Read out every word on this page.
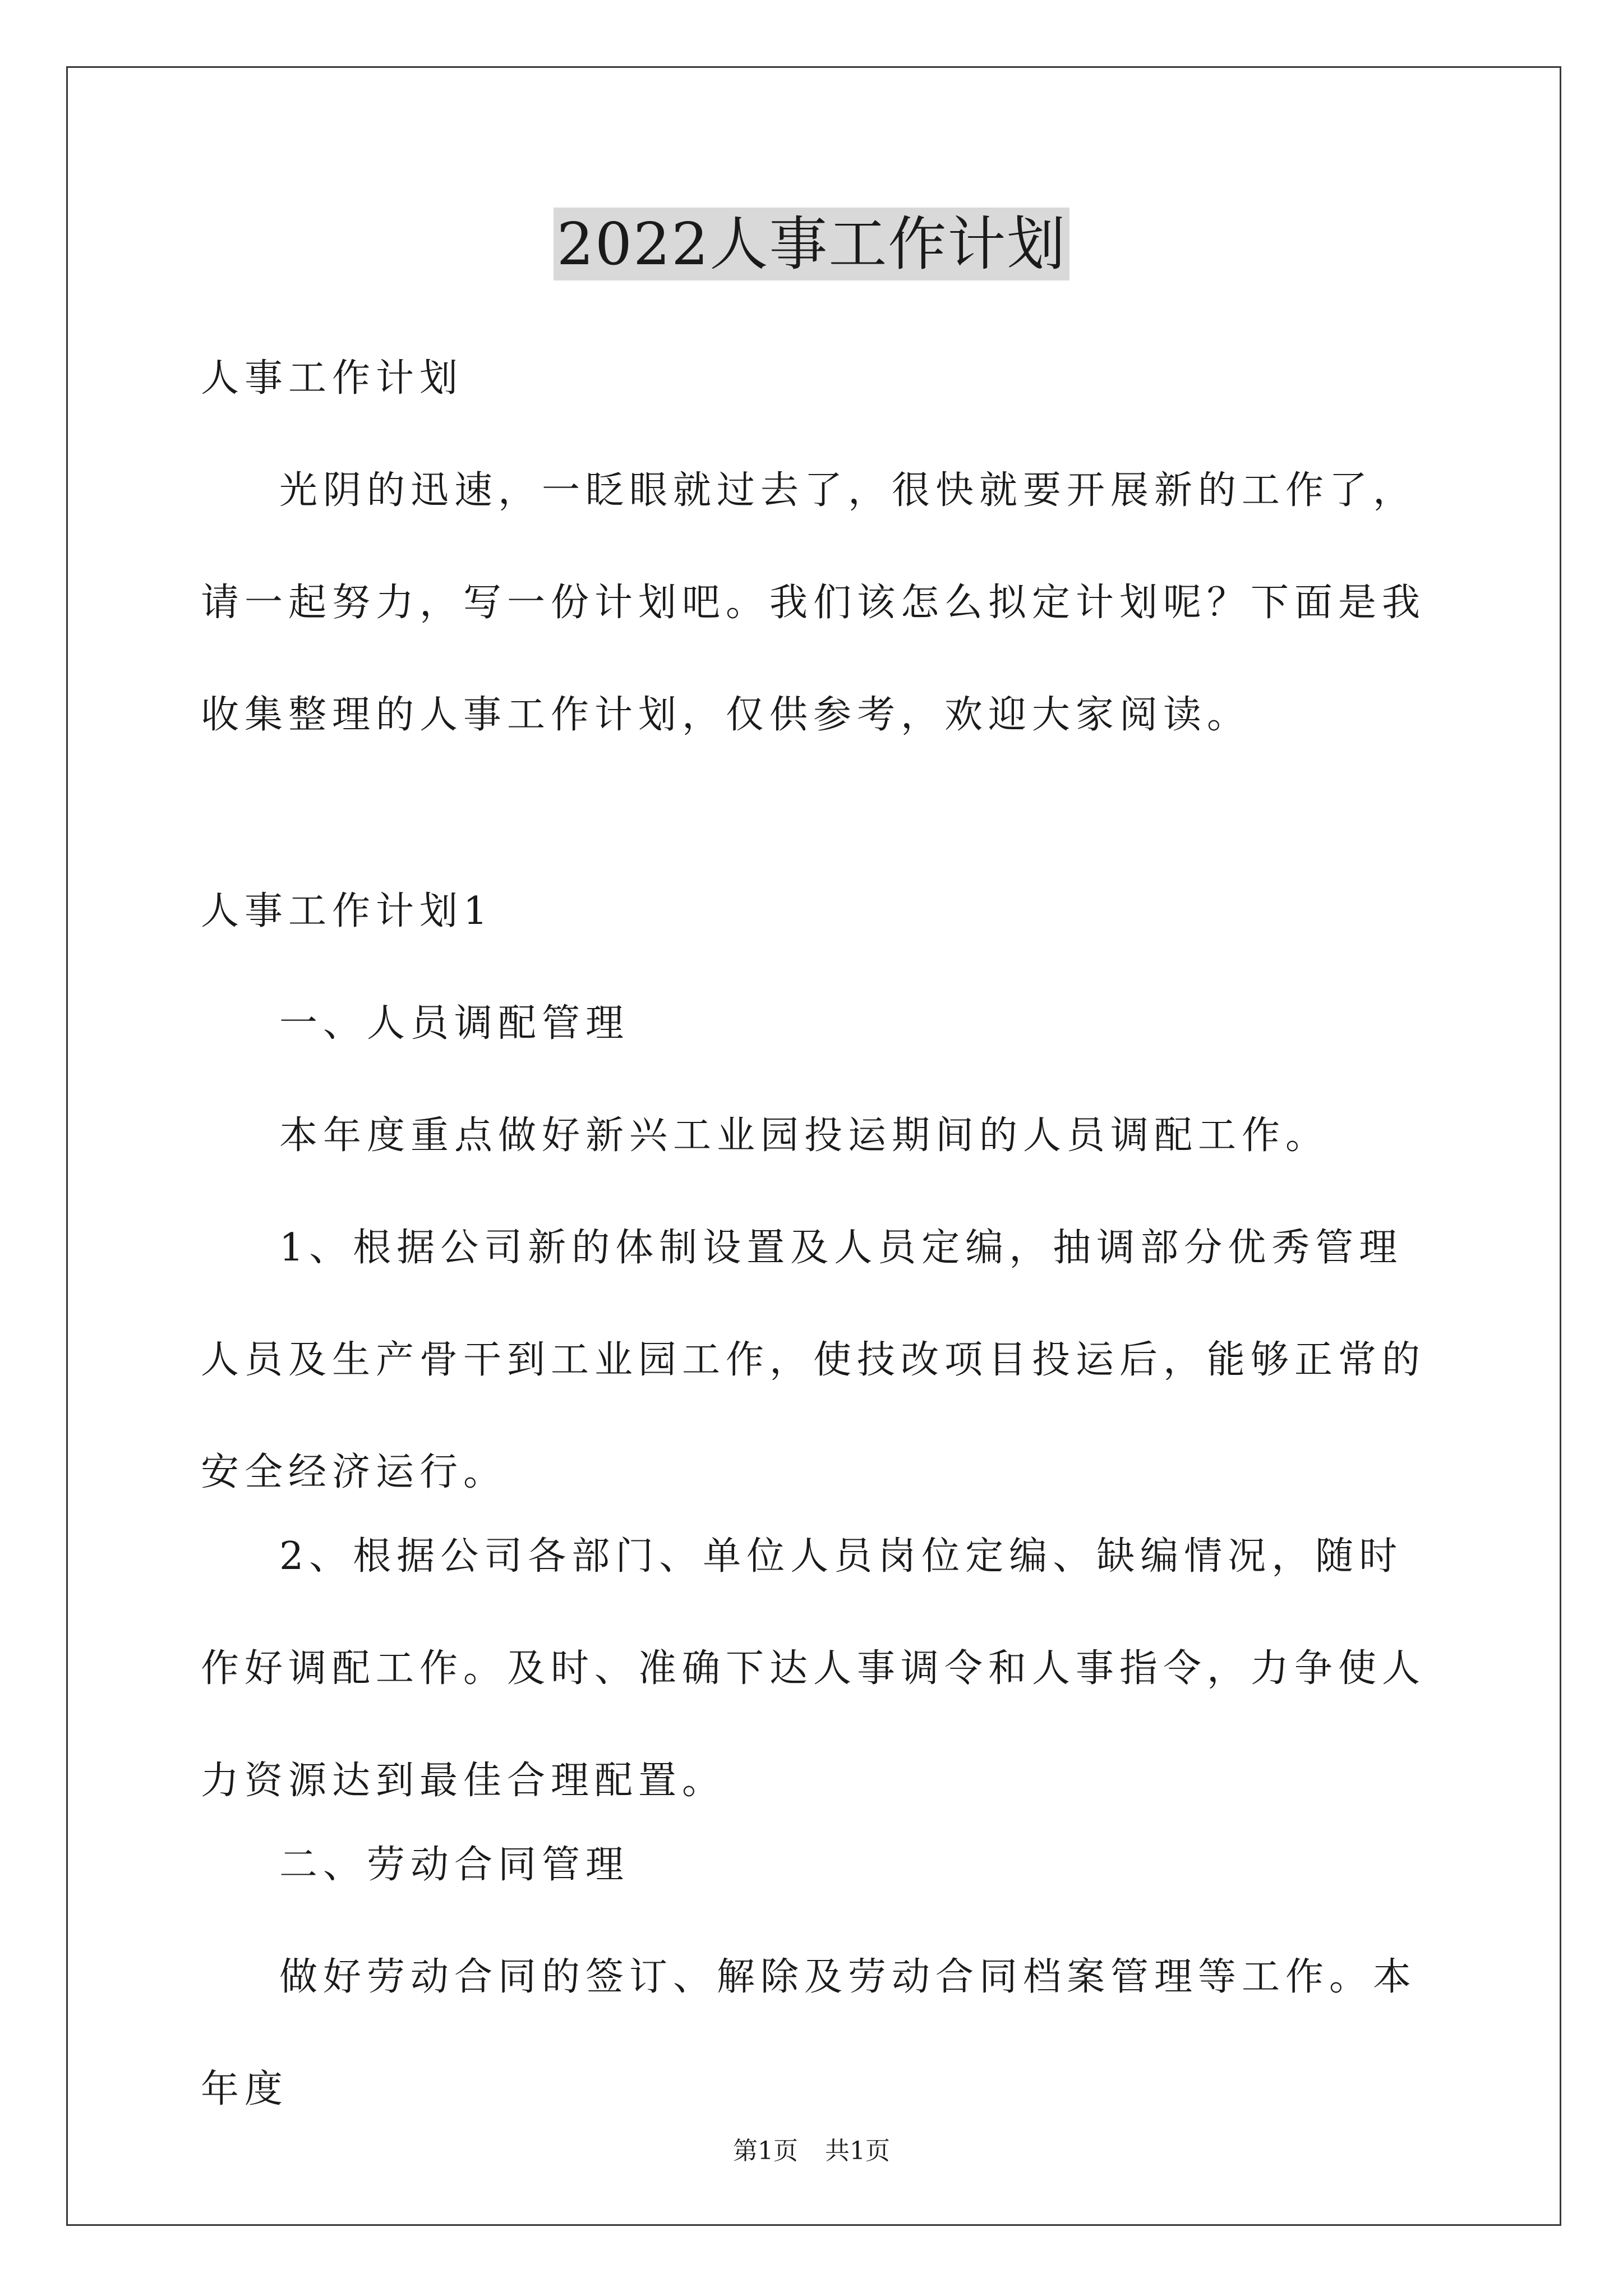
2022人事工作计划

人事工作计划

光阴的迅速，一眨眼就过去了，很快就要开展新的工作了，请一起努力，写一份计划吧。我们该怎么拟定计划呢？下面是我收集整理的人事工作计划，仅供参考，欢迎大家阅读。

人事工作计划1

一、人员调配管理

本年度重点做好新兴工业园投运期间的人员调配工作。

1、根据公司新的体制设置及人员定编，抽调部分优秀管理人员及生产骨干到工业园工作，使技改项目投运后，能够正常的安全经济运行。

2、根据公司各部门、单位人员岗位定编、缺编情况，随时作好调配工作。及时、准确下达人事调令和人事指令，力争使人力资源达到最佳合理配置。

二、劳动合同管理

做好劳动合同的签订、解除及劳动合同档案管理等工作。本年度

第1页 共1页
